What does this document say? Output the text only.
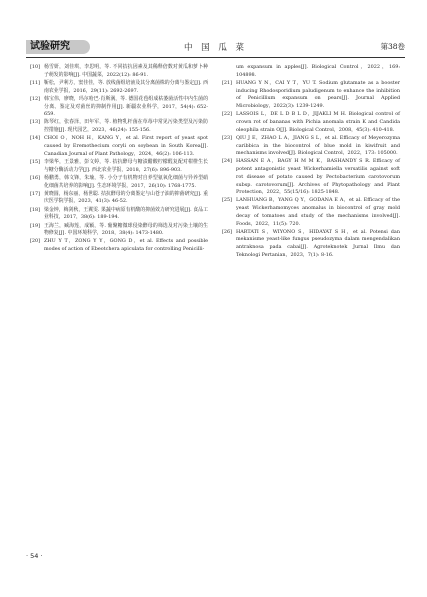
试验研究	中 国 瓜 菜	第38卷
[10] 杨雪妍，刘佳琪，李思明，等. 不同拮抗因素及其稀释倍数对黄瓜和萝卜种子萌发的影响[J]. 中国蔬菜，2022(12): 86-91.
[11] 靳松，尹利方，窦佳佳，等. 放线菌组培液及其分离菌株的分离与鉴定[J]. 西南农业学报，2016，29(11): 2692-2697.
[12] 韩宝伟，廖晓，玛尔哈巴·肖斯满，等. 德国花苞组成枯萎菌活性中内生菌的分离、鉴定及对菌丝的抑制作用[J]. 新疆农业科学，2017，54(4): 652-659.
[13] 陈琴红，张春泽，田年军，等. 植物乳杆菌在草苺中常见污染类型及污染防控措施[J]. 现代园艺，2023，46(24): 155-156.
[14] CHOI O，NOH H，KANG Y，et al. First report of yeast spot caused by Eremothecium coryli on soybean in South Korea[J]. Canadian Journal of Plant Pathology，2024，46(2): 106-113.
[15] 李梁华，王景雅，彭文婷，等. 拮抗酵母与糖渍醋酸柠檬醛复配对柑橙生长与糖分酶活动力学[J]. 西北农业学报，2018，27(6): 896-903.
[16] 杨鹏勇，韩文锋，朱瑜，等. 小分子有机物对自养型氨氧化细菌与异养型硝化细菌共培养的影响[J]. 生态环境学报，2017，26(10): 1768-1775.
[17] 黄晓圆，杨东丽，杨世聪. 拮抗酵母的分离鉴定与山苍子油的抑菌研究[J]. 重庆医学院学报，2023，41(3): 46-52.
[18] 梁金钟，梅剑秋，王翼雯. 果蔬中病原有机酸的抑菌效力研究进展[J]. 食品工业科技，2017，38(6): 189-194.
[19] 王海兰，臧海莲，成颖，等. 葡聚糖微球侵染酵母的筛选及对污染土壤的生物修复[J]. 中国环境科学，2018，38(4): 1473-1480.
[20] ZHU Y T，ZONG Y Y，GONG D，et al. Effects and possible modes of action of Ebeotchera apiculata for controlling Penicilli-
um expansum in apples[J]. Biological Control，2022，169: 104898.
[21] HUANG Y N，CAI Y T，YU T. Sodium glutamate as a booster inducing Rhodosporidium paludigenum to enhance the inhibition of Penicillium expansum on pears[J]. Journal Applied Microbiology，2022(3): 1239-1249.
[22] LASSOIS L，DE L D B L D，JIJAKLI M H. Biological control of crown rot of bananas with Pichia anomala strain K and Candida oleophila strain O[J]. Biological Control，2008，45(3): 410-418.
[23] QIU J E，ZHAO L A，JIANG S L，et al. Efficacy of Meyerozyma caribbica in the biocontrol of blue mold in kiwifruit and mechanisms involved[J]. Biological Control，2022，173: 105000.
[24] HASSAN E A，BAGY H M M K，BASHANDY S R. Efficacy of potent antagonistic yeast Wickerhamiella versatilis against soft rot disease of potato caused by Pectobacterium carotovorum subsp. carotovorum[J]. Archives of Phytopathology and Plant Protection，2022，55(15/16): 1825-1848.
[25] LANHUANG B，YANG Q Y，GODANA E A，et al. Efficacy of the yeast Wickerhamomyces anomalus in biocontrol of gray mold decay of tomatoes and study of the mechanisms involved[J]. Foods，2022，11(5): 720.
[26] HARTATI S，WIYONO S，HIDAYAT S H，et al. Potensi dan mekanisme yeast-like fungus pseudozyma dalam mengendalikan antraknosa pada cabai[J]. Agroteknotek Jurnal Ilmu dan Teknologi Pertanian，2023，7(1): 8-16.
· 54 ·
